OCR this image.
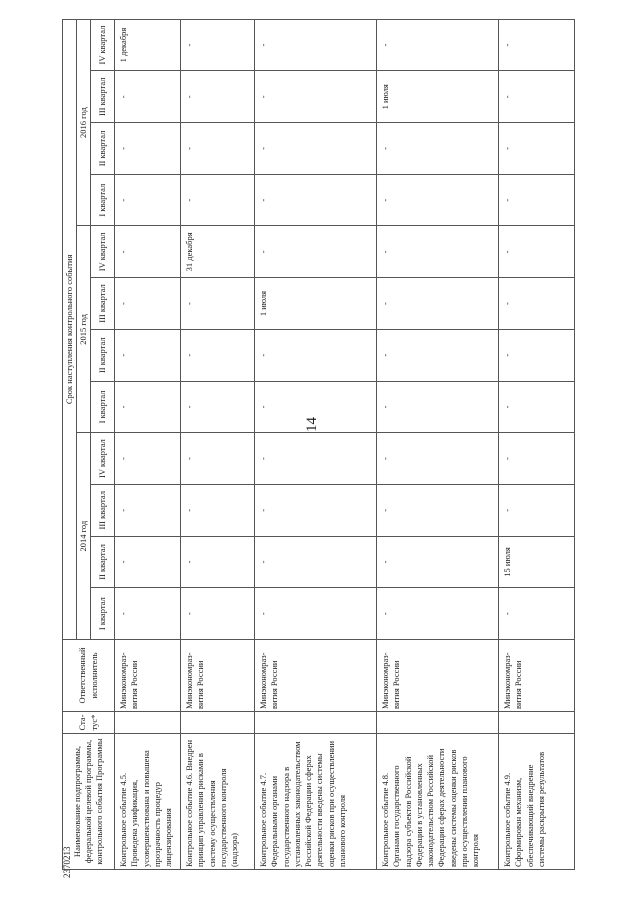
14
2370213
Наименование подпрограммы, федеральной целевой программы, контрольного события Программы	Ста-тус*	Ответственный исполнитель	Срок наступления контрольного события											
			2014 год				2015 год				2016 год			
			I квартал	II квартал	III квартал	IV квартал	I квартал	II квартал	III квартал	IV квартал	I квартал	II квартал	III квартал	IV квартал
Контрольное событие 4.5. Проведена унификация, усовершенствована и повышена прозрачность процедур лицензирования		Минэкономраз-вития России	-	-	-	-	-	-	-	-	-	-	-	1 декабря
Контрольное событие 4.6. Внедрен принцип управления рисками в систему осуществления государственного контроля (надзора)		Минэкономраз-вития России	-	-	-	-	-	-	-	31 декабря	-	-	-	-
Контрольное событие 4.7. Федеральными органами государственного надзора в установленных законодательством Российской Федерации сферах деятельности введены системы оценки рисков при осуществлении планового контроля		Минэкономраз-вития России	-	-	-	-	-	-	1 июля	-	-	-	-	-
Контрольное событие 4.8. Органами государственного надзора субъектов Российской Федерации в установленных законодательством Российской Федерации сферах деятельности введены системы оценки рисков при осуществлении планового контроля		Минэкономраз-вития России	-	-	-	-	-	-	-	-	-	-	1 июля	-
Контрольное событие 4.9. Сформирован механизм, обеспечивающий внедрение системы раскрытия результатов		Минэкономраз-вития России	-	15 июля	-	-	-	-	-	-	-	-	-	-
